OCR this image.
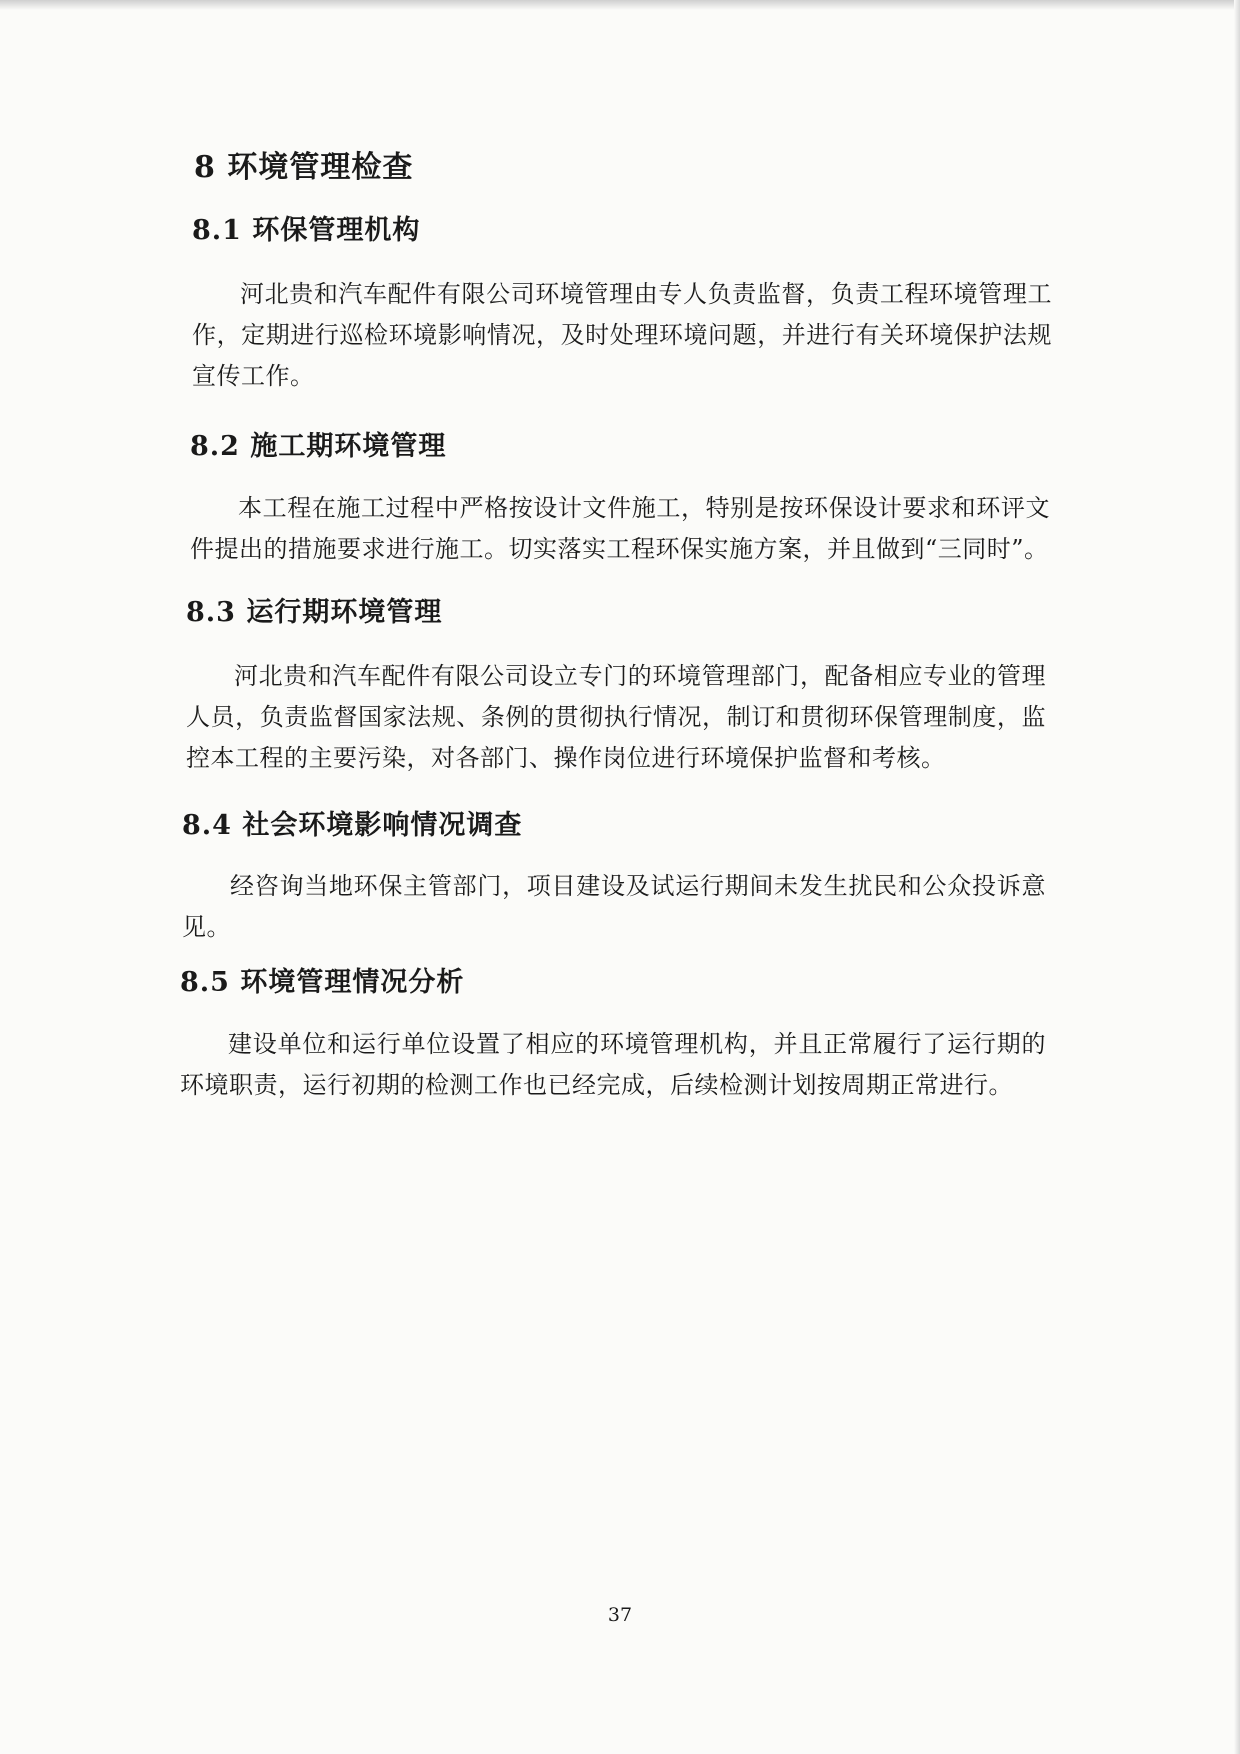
8 环境管理检查
8.1 环保管理机构
河北贵和汽车配件有限公司环境管理由专人负责监督，负责工程环境管理工作，定期进行巡检环境影响情况，及时处理环境问题，并进行有关环境保护法规宣传工作。
8.2 施工期环境管理
本工程在施工过程中严格按设计文件施工，特别是按环保设计要求和环评文件提出的措施要求进行施工。切实落实工程环保实施方案，并且做到“三同时”。
8.3 运行期环境管理
河北贵和汽车配件有限公司设立专门的环境管理部门，配备相应专业的管理人员，负责监督国家法规、条例的贯彻执行情况，制订和贯彻环保管理制度，监控本工程的主要污染，对各部门、操作岗位进行环境保护监督和考核。
8.4 社会环境影响情况调查
经咨询当地环保主管部门，项目建设及试运行期间未发生扰民和公众投诉意见。
8.5 环境管理情况分析
建设单位和运行单位设置了相应的环境管理机构，并且正常履行了运行期的环境职责，运行初期的检测工作也已经完成，后续检测计划按周期正常进行。
37
